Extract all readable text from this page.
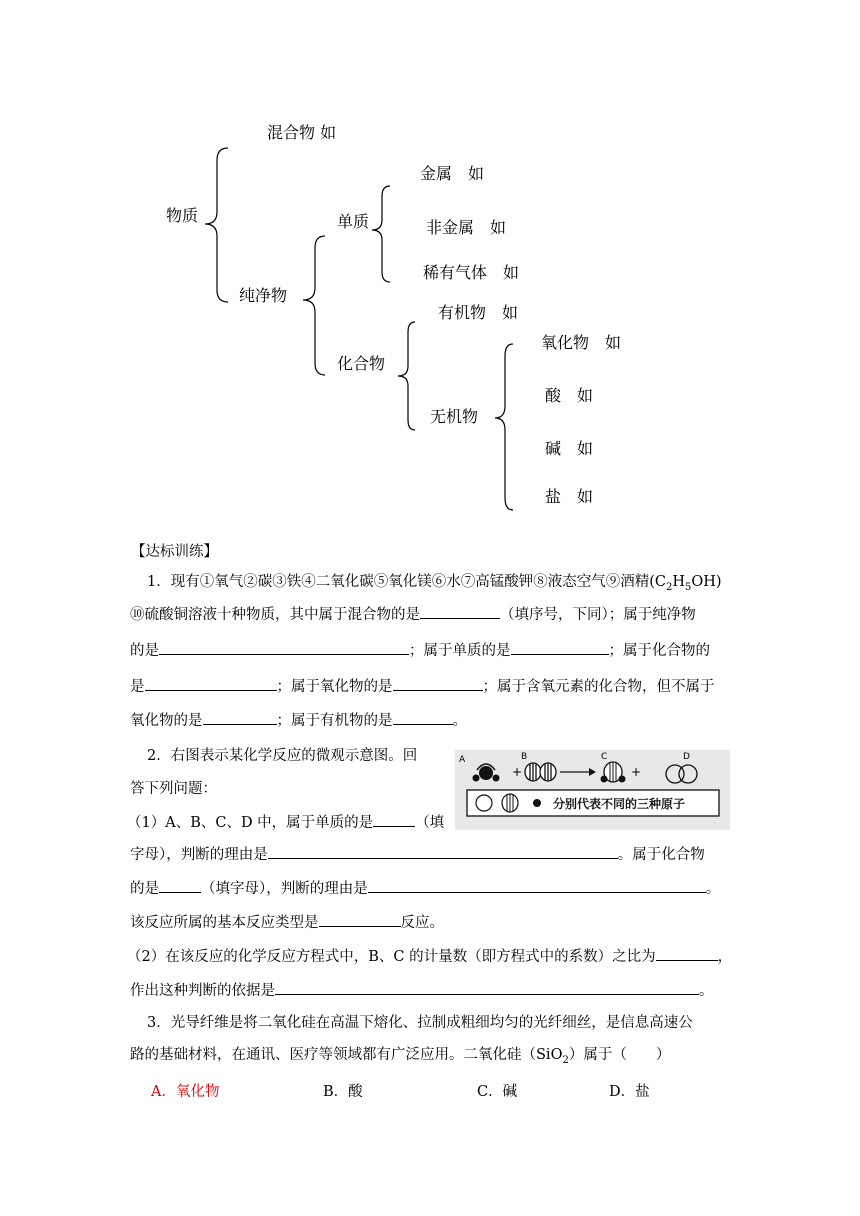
混合物 如
物质
纯净物
单质
金属　如
非金属　如
稀有气体　如
有机物　如
化合物
无机物
氧化物　如
酸　如
碱　如
盐　如
【达标训练】
1．现有①氧气②碳③铁④二氧化碳⑤氧化镁⑥水⑦高锰酸钾⑧液态空气⑨酒精$(C_2H_5OH)$
⑩硫酸铜溶液十种物质，其中属于混合物的是	（填序号，下同）；属于纯净物
的是	；属于单质的是	；属于化合物的
是	；属于氧化物的是	；属于含氧元素的化合物，但不属于
氧化物的是	；属于有机物的是	。
2．右图表示某化学反应的微观示意图。回
答下列问题：
（1）A、B、C、D 中，属于单质的是	（填
字母），判断的理由是	。属于化合物
的是	（填字母），判断的理由是	。
该反应所属的基本反应类型是	反应。
（2）在该反应的化学反应方程式中，B、C 的计量数（即方程式中的系数）之比为	，
作出这种判断的依据是	。
A	B	C	D
+	+
分别代表不同的三种原子
3．光导纤维是将二氧化硅在高温下熔化、拉制成粗细均匀的光纤细丝，是信息高速公
路的基础材料，在通讯、医疗等领域都有广泛应用。二氧化硅（SiO$_2$）属于（　　）
A．氧化物	B．酸	C．碱	D．盐
